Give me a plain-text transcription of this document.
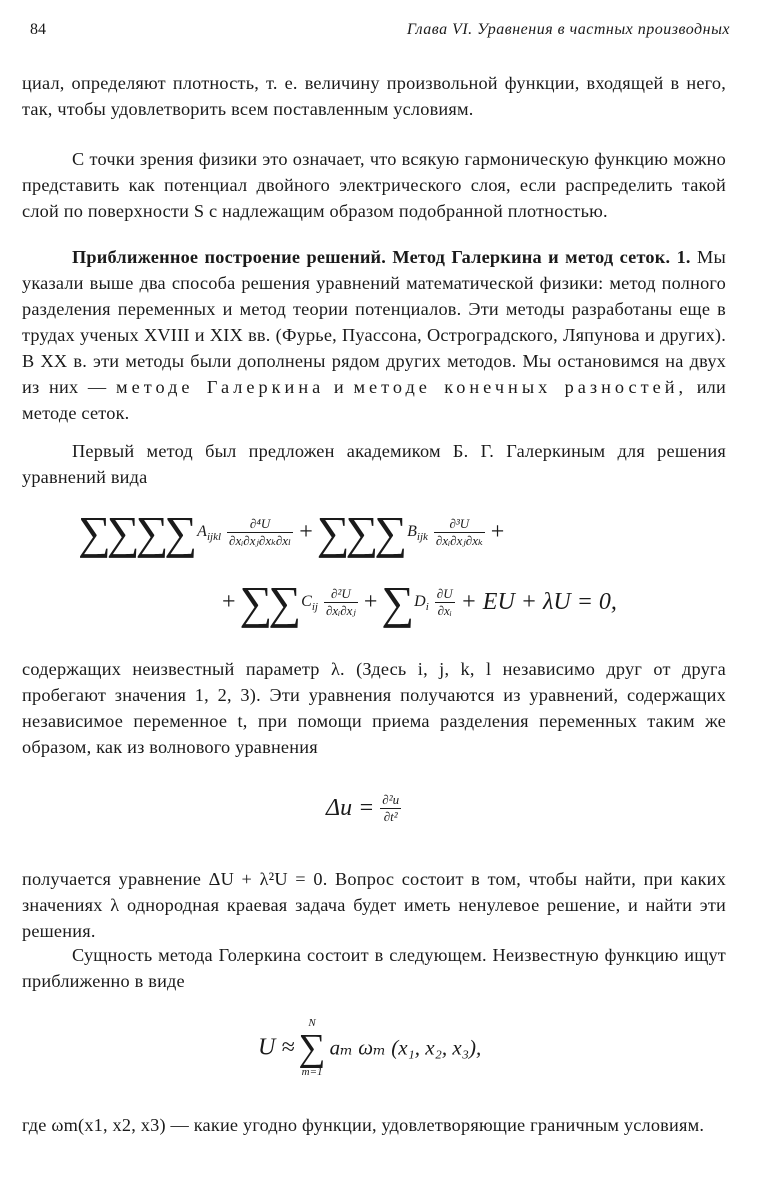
84	Глава VI. Уравнения в частных производных
циал, определяют плотность, т. е. величину произвольной функции, входящей в него, так, чтобы удовлетворить всем поставленным условиям.
С точки зрения физики это означает, что всякую гармоническую функцию можно представить как потенциал двойного электрического слоя, если распределить такой слой по поверхности S с надлежащим образом подобранной плотностью.
Приближенное построение решений. Метод Галеркина и метод сеток. 1. Мы указали выше два способа решения уравнений математической физики: метод полного разделения переменных и метод теории потенциалов. Эти методы разработаны еще в трудах ученых XVIII и XIX вв. (Фурье, Пуассона, Остроградского, Ляпунова и других). В XX в. эти методы были дополнены рядом других методов. Мы остановимся на двух из них — методе Галеркина и методе конечных разностей, или методе сеток.
Первый метод был предложен академиком Б. Г. Галеркиным для решения уравнений вида
∑∑∑∑ $A_{ijkl} \frac{\text{∂⁴U}}{\text{∂xᵢ∂xⱼ∂xₖ∂xₗ}}$ + ∑∑∑ $B_{ijk} \frac{\text{∂³U}}{\text{∂xᵢ∂xⱼ∂xₖ}}$ +
+ ∑∑ $C_{ij} \frac{\text{∂²U}}{\text{∂xᵢ∂xⱼ}}$ + ∑ $D_i \frac{\partial U}{\text{∂xᵢ}}$ + EU + λU = 0,
содержащих неизвестный параметр λ. (Здесь i, j, k, l независимо друг от друга пробегают значения 1, 2, 3). Эти уравнения получаются из уравнений, содержащих независимое переменное t, при помощи приема разделения переменных таким же образом, как из волнового уравнения
$\Delta u = \frac{\text{∂²u}}{\text{∂t²}}$
получается уравнение ΔU + λ²U = 0. Вопрос состоит в том, чтобы найти, при каких значениях λ однородная краевая задача будет иметь ненулевое решение, и найти эти решения.
Сущность метода Голеркина состоит в следующем. Неизвестную функцию ищут приближенно в виде
U ≈
N
∑
m=1
aₘ ωₘ (x₁, x₂, x₃),
где ωm(x1, x2, x3) — какие угодно функции, удовлетворяющие граничным условиям.
